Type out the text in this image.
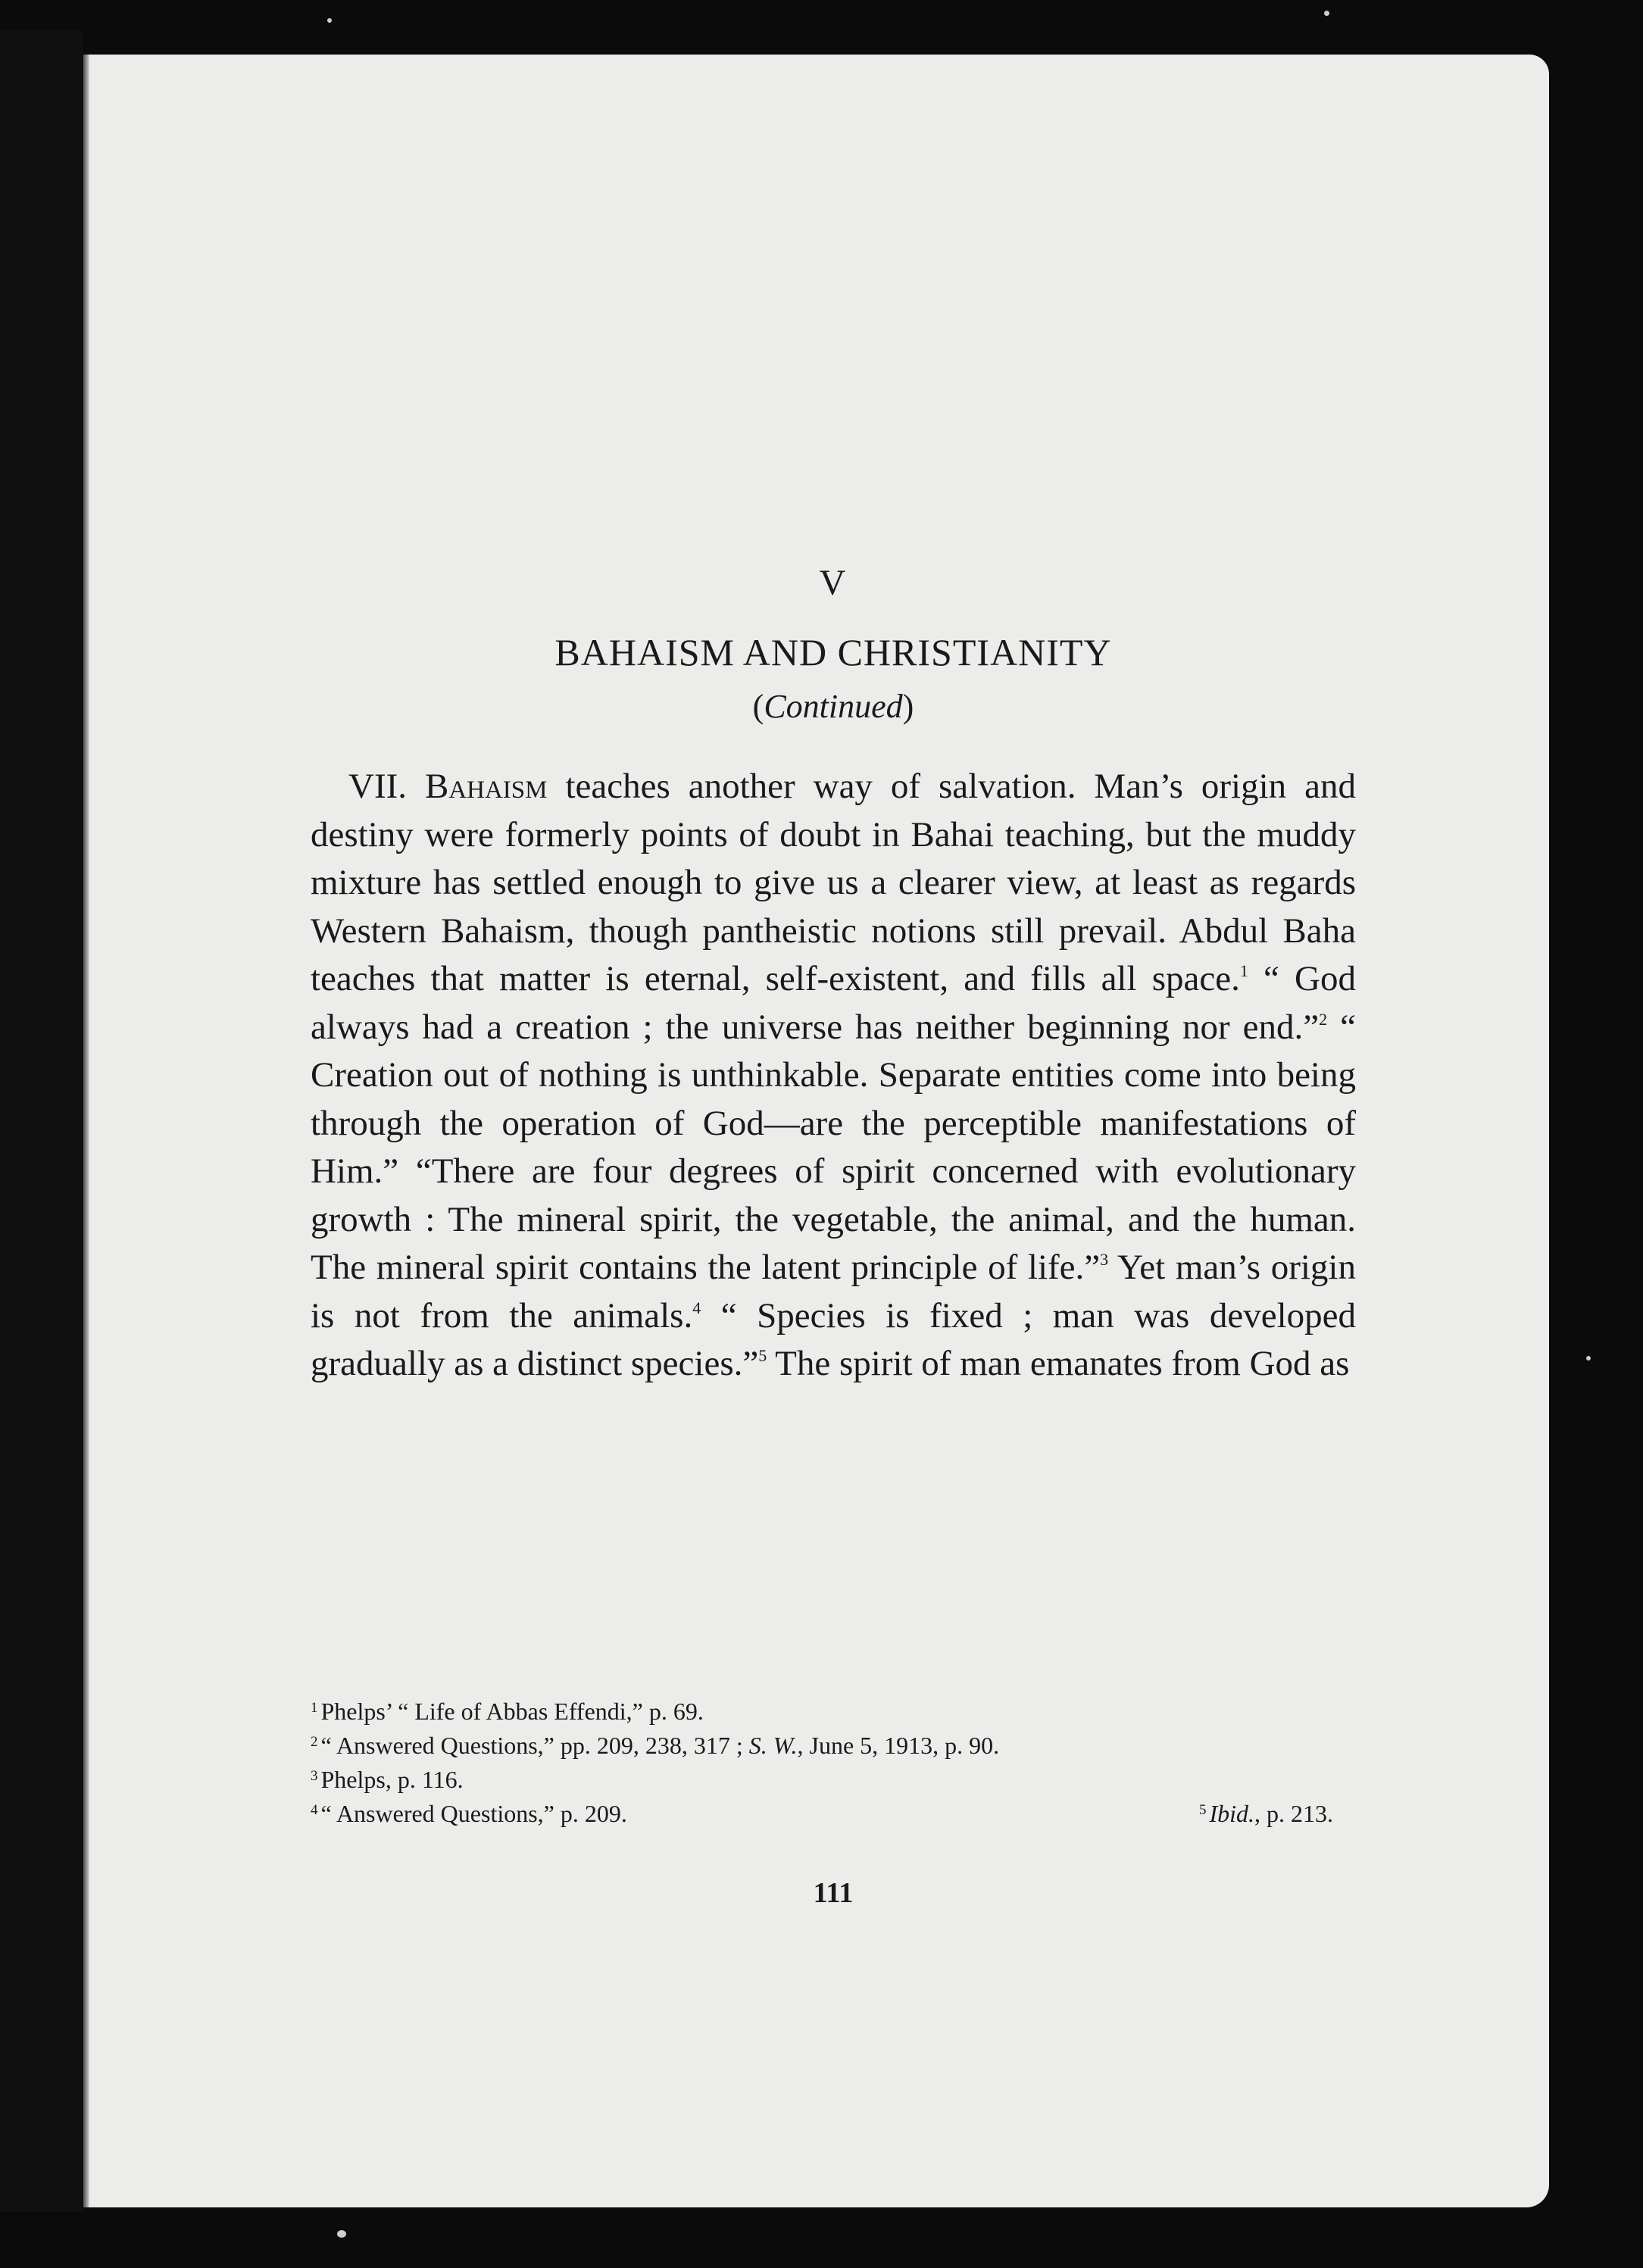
V
BAHAISM AND CHRISTIANITY
(Continued)

VII. Bahaism teaches another way of salvation. Man’s origin and destiny were formerly points of doubt in Bahai teaching, but the muddy mixture has settled enough to give us a clearer view, at least as regards Western Bahaism, though pantheistic notions still prevail. Abdul Baha teaches that matter is eternal, self-existent, and fills all space.$^1$ “ God always had a creation ; the universe has neither beginning nor end.”$^2$ “ Creation out of nothing is unthinkable. Separate entities come into being through the operation of God—are the perceptible manifestations of Him.” “There are four degrees of spirit concerned with evolutionary growth : The mineral spirit, the vegetable, the animal, and the human. The mineral spirit contains the latent principle of life.”$^3$ Yet man’s origin is not from the animals.$^4$ “ Species is fixed ; man was developed gradually as a distinct species.”$^5$ The spirit of man emanates from God as

$^1$ Phelps’ “ Life of Abbas Effendi,” p. 69.
$^2$ “ Answered Questions,” pp. 209, 238, 317 ; S. W., June 5, 1913, p. 90.
$^3$ Phelps, p. 116.
$^4$ “ Answered Questions,” p. 209.	$^5$ Ibid., p. 213.
111
